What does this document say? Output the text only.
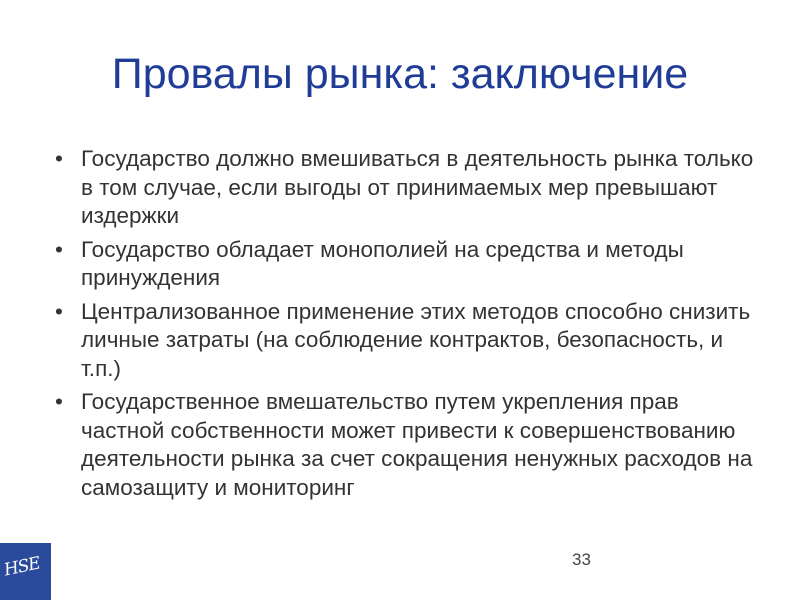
Провалы рынка: заключение
• Государство должно вмешиваться в деятельность рынка только в том случае, если выгоды от принимаемых мер превышают издержки
• Государство обладает монополией на средства и методы принуждения
• Централизованное применение этих методов способно снизить личные затраты (на соблюдение контрактов, безопасность, и т.п.)
• Государственное вмешательство путем укрепления прав частной собственности может привести к совершенствованию деятельности рынка за счет сокращения ненужных расходов на самозащиту и мониторинг
33
HSE
